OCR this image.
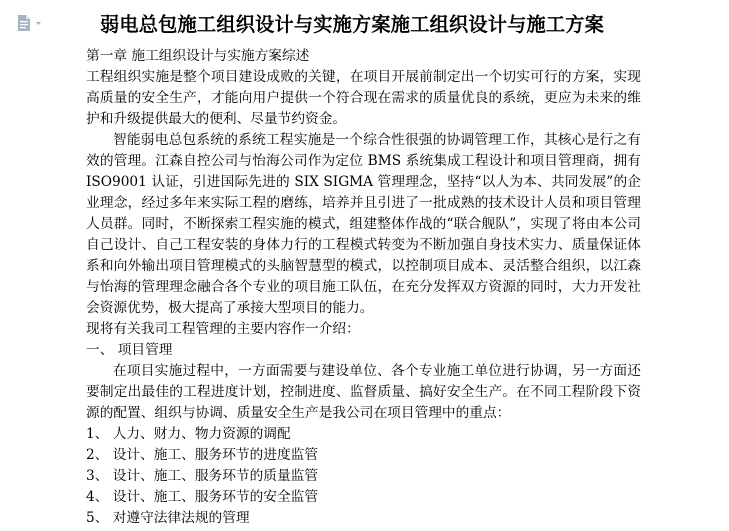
弱电总包施工组织设计与实施方案施工组织设计与施工方案

第一章 施工组织设计与实施方案综述

工程组织实施是整个项目建设成败的关键，在项目开展前制定出一个切实可行的方案，实现高质量的安全生产，才能向用户提供一个符合现在需求的质量优良的系统，更应为未来的维护和升级提供最大的便利、尽量节约资金。

智能弱电总包系统的系统工程实施是一个综合性很强的协调管理工作，其核心是行之有效的管理。江森自控公司与怡海公司作为定位 BMS 系统集成工程设计和项目管理商，拥有 ISO9001 认证，引进国际先进的 SIX SIGMA 管理理念，坚持“以人为本、共同发展”的企业理念，经过多年来实际工程的磨练，培养并且引进了一批成熟的技术设计人员和项目管理人员群。同时，不断探索工程实施的模式，组建整体作战的“联合舰队”，实现了将由本公司自己设计、自己工程安装的身体力行的工程模式转变为不断加强自身技术实力、质量保证体系和向外输出项目管理模式的头脑智慧型的模式，以控制项目成本、灵活整合组织，以江森与怡海的管理理念融合各个专业的项目施工队伍，在充分发挥双方资源的同时，大力开发社会资源优势，极大提高了承接大型项目的能力。

现将有关我司工程管理的主要内容作一介绍：

一、 项目管理

在项目实施过程中，一方面需要与建设单位、各个专业施工单位进行协调，另一方面还要制定出最佳的工程进度计划，控制进度、监督质量、搞好安全生产。在不同工程阶段下资源的配置、组织与协调、质量安全生产是我公司在项目管理中的重点：

1、 人力、财力、物力资源的调配

2、 设计、施工、服务环节的进度监管

3、 设计、施工、服务环节的质量监管

4、 设计、施工、服务环节的安全监管

5、 对遵守法律法规的管理
